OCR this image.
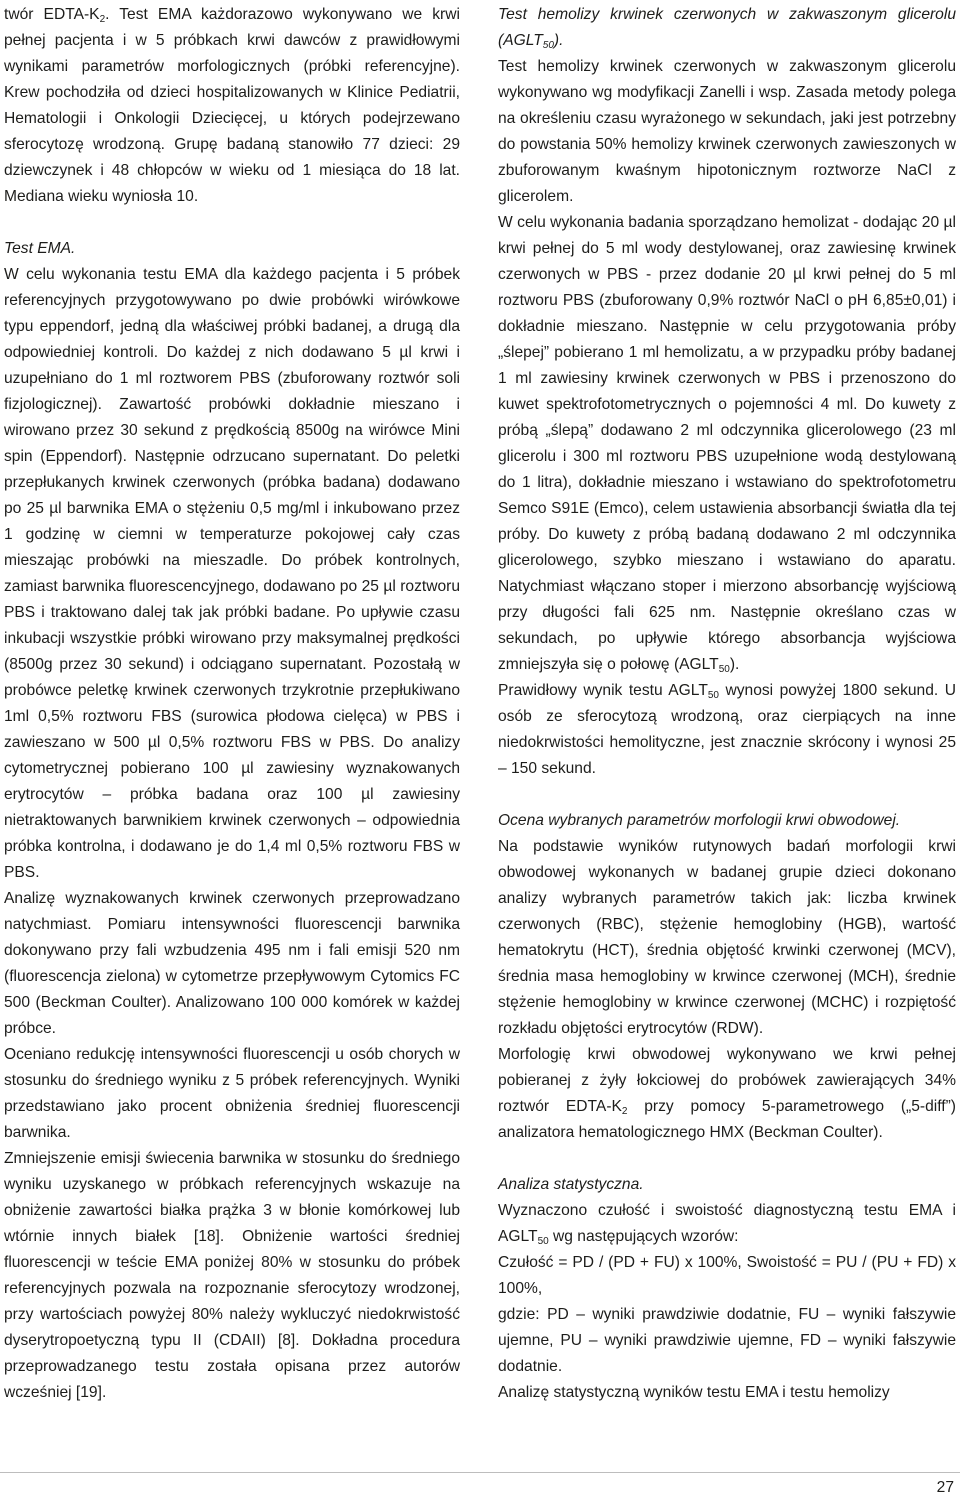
twór EDTA-$K_2$. Test EMA każdorazowo wykonywano we krwi pełnej pacjenta i w 5 próbkach krwi dawców z prawidłowymi wynikami parametrów morfologicznych (próbki referencyjne). Krew pochodziła od dzieci hospitalizowanych w Klinice Pediatrii, Hematologii i Onkologii Dziecięcej, u których podejrzewano sferocytozę wrodzoną. Grupę badaną stanowiło 77 dzieci: 29 dziewczynek i 48 chłopców w wieku od 1 miesiąca do 18 lat. Mediana wieku wyniosła 10.

Test EMA.

W celu wykonania testu EMA dla każdego pacjenta i 5 próbek referencyjnych przygotowywano po dwie probówki wirówkowe typu eppendorf, jedną dla właściwej próbki badanej, a drugą dla odpowiedniej kontroli. Do każdej z nich dodawano 5 µl krwi i uzupełniano do 1 ml roztworem PBS (zbuforowany roztwór soli fizjologicznej). Zawartość probówki dokładnie mieszano i wirowano przez 30 sekund z prędkością 8500g na wirówce Mini spin (Eppendorf). Następnie odrzucano supernatant. Do peletki przepłukanych krwinek czerwonych (próbka badana) dodawano po 25 µl barwnika EMA o stężeniu 0,5 mg/ml i inkubowano przez 1 godzinę w ciemni w temperaturze pokojowej cały czas mieszając probówki na mieszadle. Do próbek kontrolnych, zamiast barwnika fluorescencyjnego, dodawano po 25 µl roztworu PBS i traktowano dalej tak jak próbki badane. Po upływie czasu inkubacji wszystkie próbki wirowano przy maksymalnej prędkości (8500g przez 30 sekund) i odciągano supernatant. Pozostałą w probówce peletkę krwinek czerwonych trzykrotnie przepłukiwano 1ml 0,5% roztworu FBS (surowica płodowa cielęca) w PBS i zawieszano w 500 µl 0,5% roztworu FBS w PBS. Do analizy cytometrycznej pobierano 100 µl zawiesiny wyznakowanych erytrocytów – próbka badana oraz 100 µl zawiesiny nietraktowanych barwnikiem krwinek czerwonych – odpowiednia próbka kontrolna, i dodawano je do 1,4 ml 0,5% roztworu FBS w PBS.

Analizę wyznakowanych krwinek czerwonych przeprowadzano natychmiast. Pomiaru intensywności fluorescencji barwnika dokonywano przy fali wzbudzenia 495 nm i fali emisji 520 nm (fluorescencja zielona) w cytometrze przepływowym Cytomics FC 500 (Beckman Coulter). Analizowano 100 000 komórek w każdej próbce.

Oceniano redukcję intensywności fluorescencji u osób chorych w stosunku do średniego wyniku z 5 próbek referencyjnych. Wyniki przedstawiano jako procent obniżenia średniej fluorescencji barwnika.

Zmniejszenie emisji świecenia barwnika w stosunku do średniego wyniku uzyskanego w próbkach referencyjnych wskazuje na obniżenie zawartości białka prążka 3 w błonie komórkowej lub wtórnie innych białek [18]. Obniżenie wartości średniej fluorescencji w teście EMA poniżej 80% w stosunku do próbek referencyjnych pozwala na rozpoznanie sferocytozy wrodzonej, przy wartościach powyżej 80% należy wykluczyć niedokrwistość dyserytropoetyczną typu II (CDAII) [8]. Dokładna procedura przeprowadzanego testu została opisana przez autorów wcześniej [19].

Test hemolizy krwinek czerwonych w zakwaszonym glicerolu $(AGLT_{50})$.

Test hemolizy krwinek czerwonych w zakwaszonym glicerolu wykonywano wg modyfikacji Zanelli i wsp. Zasada metody polega na określeniu czasu wyrażonego w sekundach, jaki jest potrzebny do powstania 50% hemolizy krwinek czerwonych zawieszonych w zbuforowanym kwaśnym hipotonicznym roztworze NaCl z glicerolem.

W celu wykonania badania sporządzano hemolizat - dodając 20 µl krwi pełnej do 5 ml wody destylowanej, oraz zawiesinę krwinek czerwonych w PBS - przez dodanie 20 µl krwi pełnej do 5 ml roztworu PBS (zbuforowany 0,9% roztwór NaCl o pH 6,85±0,01) i dokładnie mieszano. Następnie w celu przygotowania próby „ślepej” pobierano 1 ml hemolizatu, a w przypadku próby badanej 1 ml zawiesiny krwinek czerwonych w PBS i przenoszono do kuwet spektrofotometrycznych o pojemności 4 ml. Do kuwety z próbą „ślepą” dodawano 2 ml odczynnika glicerolowego (23 ml glicerolu i 300 ml roztworu PBS uzupełnione wodą destylowaną do 1 litra), dokładnie mieszano i wstawiano do spektrofotometru Semco S91E (Emco), celem ustawienia absorbancji światła dla tej próby. Do kuwety z próbą badaną dodawano 2 ml odczynnika glicerolowego, szybko mieszano i wstawiano do aparatu. Natychmiast włączano stoper i mierzono absorbancję wyjściową przy długości fali 625 nm. Następnie określano czas w sekundach, po upływie którego absorbancja wyjściowa zmniejszyła się o połowę $(AGLT_{50})$.

Prawidłowy wynik testu $AGLT_{50}$ wynosi powyżej 1800 sekund. U osób ze sferocytozą wrodzoną, oraz cierpiących na inne niedokrwistości hemolityczne, jest znacznie skrócony i wynosi 25 – 150 sekund.

Ocena wybranych parametrów morfologii krwi obwodowej.

Na podstawie wyników rutynowych badań morfologii krwi obwodowej wykonanych w badanej grupie dzieci dokonano analizy wybranych parametrów takich jak: liczba krwinek czerwonych (RBC), stężenie hemoglobiny (HGB), wartość hematokrytu (HCT), średnia objętość krwinki czerwonej (MCV), średnia masa hemoglobiny w krwince czerwonej (MCH), średnie stężenie hemoglobiny w krwince czerwonej (MCHC) i rozpiętość rozkładu objętości erytrocytów (RDW).

Morfologię krwi obwodowej wykonywano we krwi pełnej pobieranej z żyły łokciowej do probówek zawierających 34% roztwór EDTA-$K_2$ przy pomocy 5-parametrowego („5-diff”) analizatora hematologicznego HMX (Beckman Coulter).

Analiza statystyczna.

Wyznaczono czułość i swoistość diagnostyczną testu EMA i $AGLT_{50}$ wg następujących wzorów:

Czułość = PD / (PD + FU) x 100%, Swoistość = PU / (PU + FD) x 100%,

gdzie: PD – wyniki prawdziwie dodatnie, FU – wyniki fałszywie ujemne, PU – wyniki prawdziwie ujemne, FD – wyniki fałszywie dodatnie.

Analizę statystyczną wyników testu EMA i testu hemolizy

27
